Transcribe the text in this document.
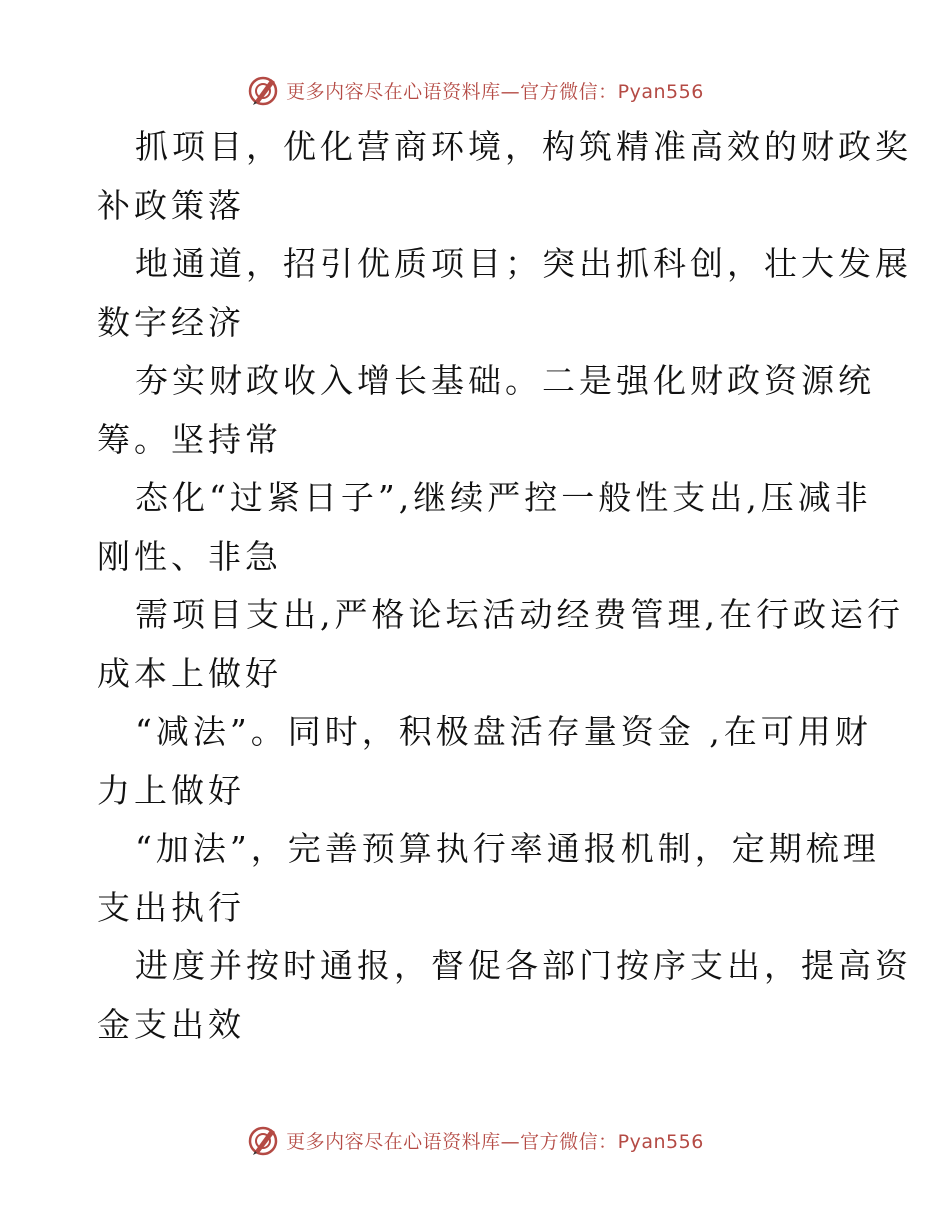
更多内容尽在心语资料库—官方微信：Pyan556
抓项目，优化营商环境，构筑精准高效的财政奖
补政策落
地通道，招引优质项目；突出抓科创，壮大发展
数字经济
夯实财政收入增长基础。二是强化财政资源统
筹。坚持常
态化“过紧日子”,继续严控一般性支出,压减非
刚性、非急
需项目支出,严格论坛活动经费管理,在行政运行
成本上做好
“减法”。同时，积极盘活存量资金 ,在可用财
力上做好
“加法”，完善预算执行率通报机制，定期梳理
支出执行
进度并按时通报，督促各部门按序支出，提高资
金支出效
更多内容尽在心语资料库—官方微信：Pyan556
